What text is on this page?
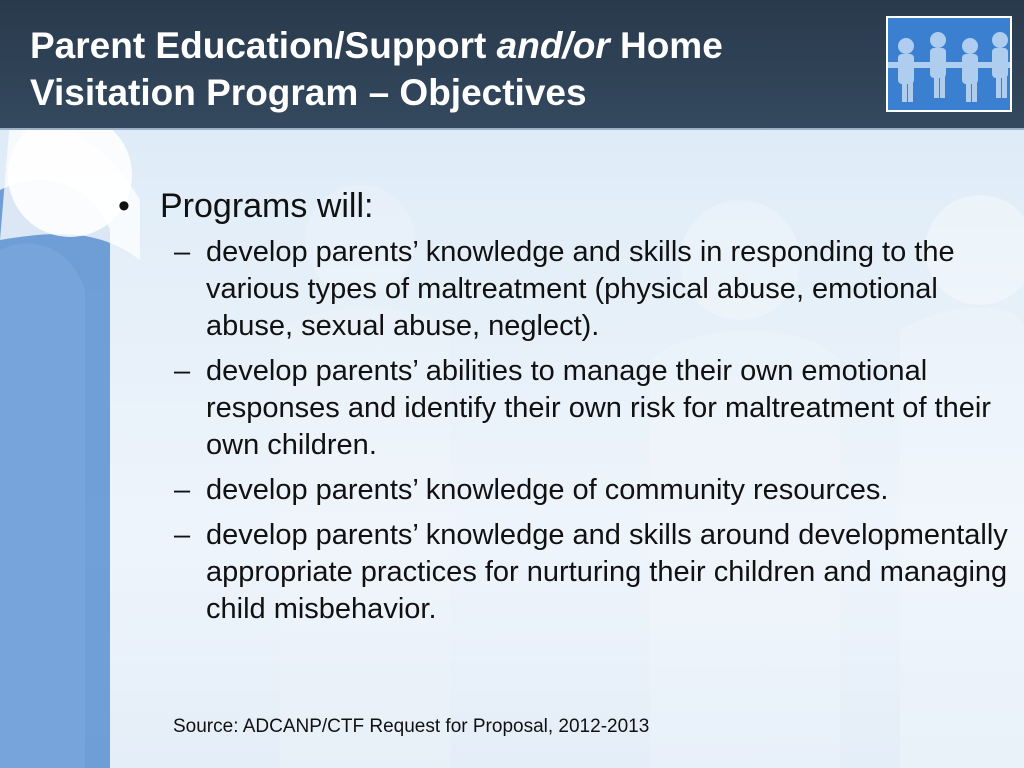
Parent Education/Support and/or Home Visitation Program – Objectives
• Programs will:
– develop parents’ knowledge and skills in responding to the various types of maltreatment (physical abuse, emotional abuse, sexual abuse, neglect).
– develop parents’ abilities to manage their own emotional responses and identify their own risk for maltreatment of their own children.
– develop parents’ knowledge of community resources.
– develop parents’ knowledge and skills around developmentally appropriate practices for nurturing their children and managing child misbehavior.
Source: ADCANP/CTF Request for Proposal, 2012-2013
